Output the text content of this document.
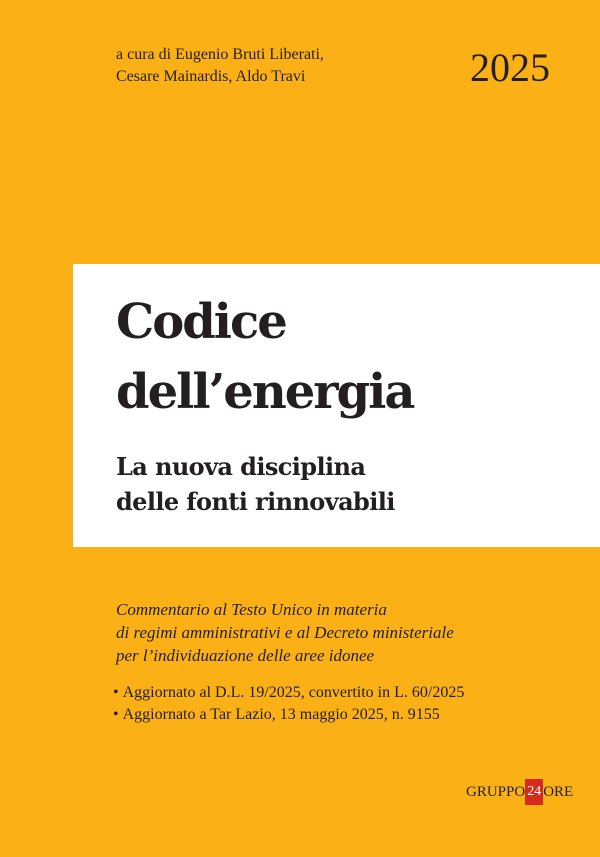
a cura di Eugenio Bruti Liberati,
Cesare Mainardis, Aldo Travi	2025
Codice
dell’energia
La nuova disciplina
delle fonti rinnovabili
Commentario al Testo Unico in materia
di regimi amministrativi e al Decreto ministeriale
per l’individuazione delle aree idonee
• Aggiornato al D.L. 19/2025, convertito in L. 60/2025
• Aggiornato a Tar Lazio, 13 maggio 2025, n. 9155
GRUPPO 24 ORE
